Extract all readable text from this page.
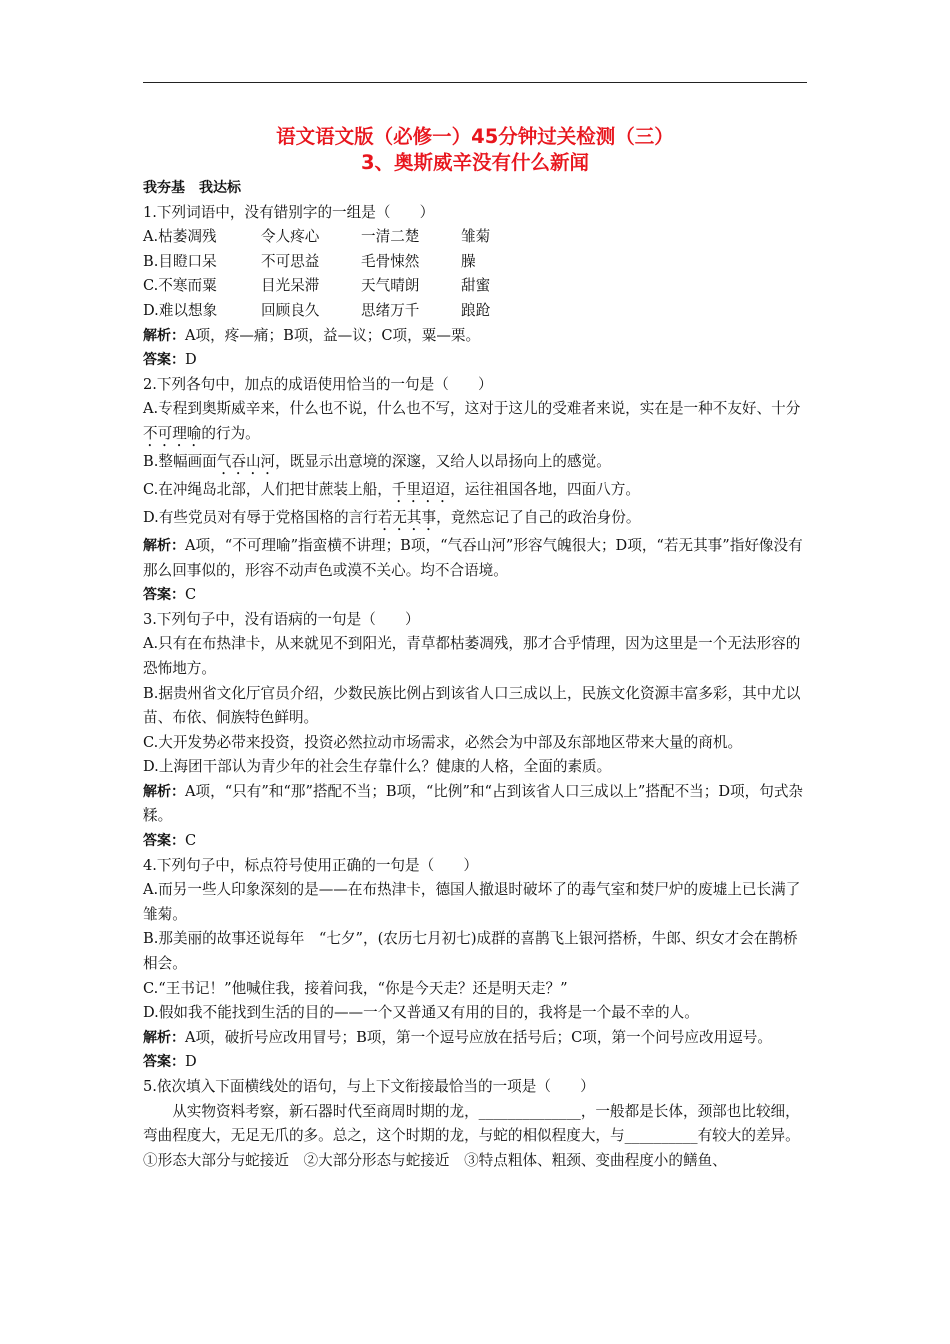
语文语文版（必修一）45分钟过关检测（三）
3、奥斯威辛没有什么新闻

我夯基　我达标

1.下列词语中，没有错别字的一组是（　　）

A.枯萎凋残	令人疼心	一清二楚	雏菊

B.目瞪口呆	不可思益	毛骨悚然	臊

C.不寒而粟	目光呆滞	天气晴朗	甜蜜

D.难以想象	回顾良久	思绪万千	踉跄

解析：A项，疼—痛；B项，益—议；C项，粟—栗。

答案：D

2.下列各句中，加点的成语使用恰当的一句是（　　）

A.专程到奥斯威辛来，什么也不说，什么也不写，这对于这儿的受难者来说，实在是一种不友好、十分不可理喻的行为。

B.整幅画面气吞山河，既显示出意境的深邃，又给人以昂扬向上的感觉。

C.在冲绳岛北部，人们把甘蔗装上船，千里迢迢，运往祖国各地，四面八方。

D.有些党员对有辱于党格国格的言行若无其事，竟然忘记了自己的政治身份。

解析：A项，“不可理喻”指蛮横不讲理；B项，“气吞山河”形容气魄很大；D项，“若无其事”指好像没有那么回事似的，形容不动声色或漠不关心。均不合语境。

答案：C

3.下列句子中，没有语病的一句是（　　）

A.只有在布热津卡，从来就见不到阳光，青草都枯萎凋残，那才合乎情理，因为这里是一个无法形容的恐怖地方。

B.据贵州省文化厅官员介绍，少数民族比例占到该省人口三成以上，民族文化资源丰富多彩，其中尤以苗、布依、侗族特色鲜明。

C.大开发势必带来投资，投资必然拉动市场需求，必然会为中部及东部地区带来大量的商机。

D.上海团干部认为青少年的社会生存靠什么？健康的人格，全面的素质。

解析：A项，“只有”和“那”搭配不当；B项，“比例”和“占到该省人口三成以上”搭配不当；D项，句式杂糅。

答案：C

4.下列句子中，标点符号使用正确的一句是（　　）

A.而另一些人印象深刻的是——在布热津卡，德国人撤退时破坏了的毒气室和焚尸炉的废墟上已长满了雏菊。

B.那美丽的故事还说每年　“七夕”，(农历七月初七)成群的喜鹊飞上银河搭桥，牛郎、织女才会在鹊桥相会。

C.“王书记！”他喊住我，接着问我，“你是今天走？还是明天走？”

D.假如我不能找到生活的目的——一个又普通又有用的目的，我将是一个最不幸的人。

解析：A项，破折号应改用冒号；B项，第一个逗号应放在括号后；C项，第一个问号应改用逗号。

答案：D

5.依次填入下面横线处的语句，与上下文衔接最恰当的一项是（　　）

从实物资料考察，新石器时代至商周时期的龙，______________，一般都是长体，颈部也比较细，弯曲程度大，无足无爪的多。总之，这个时期的龙，与蛇的相似程度大，与__________有较大的差异。

①形态大部分与蛇接近　②大部分形态与蛇接近　③特点粗体、粗颈、变曲程度小的鳝鱼、
